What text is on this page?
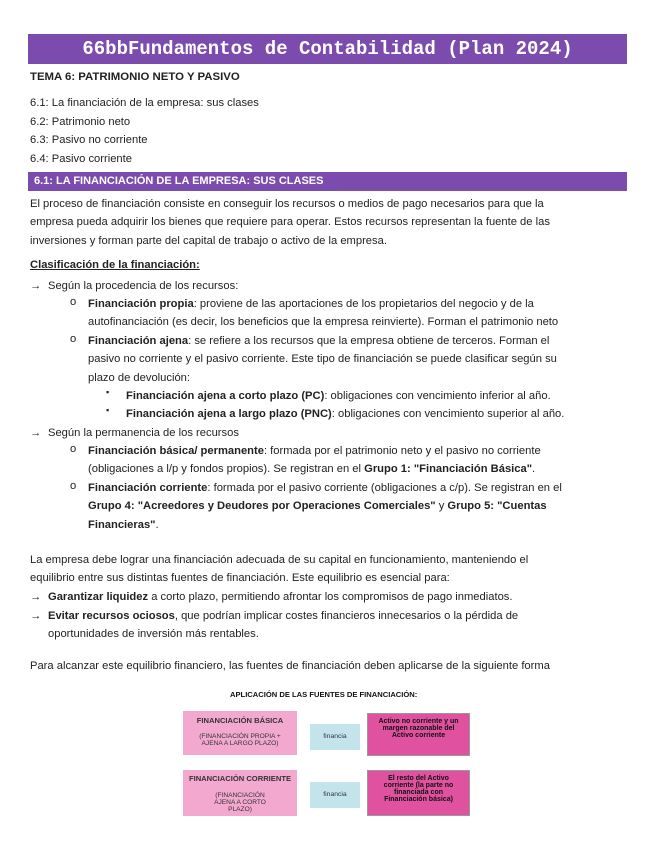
66bbFundamentos de Contabilidad (Plan 2024)
TEMA 6: PATRIMONIO NETO Y PASIVO
6.1: La financiación de la empresa: sus clases
6.2: Patrimonio neto
6.3: Pasivo no corriente
6.4: Pasivo corriente
6.1: LA FINANCIACIÓN DE LA EMPRESA: SUS CLASES
El proceso de financiación consiste en conseguir los recursos o medios de pago necesarios para que la
empresa pueda adquirir los bienes que requiere para operar. Estos recursos representan la fuente de las
inversiones y forman parte del capital de trabajo o activo de la empresa.
Clasificación de la financiación:
→ Según la procedencia de los recursos:
o	Financiación propia: proviene de las aportaciones de los propietarios del negocio y de la
autofinanciación (es decir, los beneficios que la empresa reinvierte). Forman el patrimonio neto
o	Financiación ajena: se refiere a los recursos que la empresa obtiene de terceros. Forman el
pasivo no corriente y el pasivo corriente. Este tipo de financiación se puede clasificar según su
plazo de devolución:
▪	Financiación ajena a corto plazo (PC): obligaciones con vencimiento inferior al año.
▪	Financiación ajena a largo plazo (PNC): obligaciones con vencimiento superior al año.
→ Según la permanencia de los recursos
o	Financiación básica/ permanente: formada por el patrimonio neto y el pasivo no corriente
(obligaciones a l/p y fondos propios). Se registran en el Grupo 1: "Financiación Básica".
o	Financiación corriente: formada por el pasivo corriente (obligaciones a c/p). Se registran en el
Grupo 4: "Acreedores y Deudores por Operaciones Comerciales" y Grupo 5: "Cuentas
Financieras".
La empresa debe lograr una financiación adecuada de su capital en funcionamiento, manteniendo el
equilibrio entre sus distintas fuentes de financiación. Este equilibrio es esencial para:
→ Garantizar liquidez a corto plazo, permitiendo afrontar los compromisos de pago inmediatos.
→ Evitar recursos ociosos, que podrían implicar costes financieros innecesarios o la pérdida de
oportunidades de inversión más rentables.
Para alcanzar este equilibrio financiero, las fuentes de financiación deben aplicarse de la siguiente forma
APLICACIÓN DE LAS FUENTES DE FINANCIACIÓN:
FINANCIACIÓN BÁSICA
(FINANCIACIÓN PROPIA + AJENA A LARGO PLAZO)
financia
Activo no corriente y un margen razonable del Activo corriente
FINANCIACIÓN CORRIENTE
(FINANCIACIÓN AJENA A CORTO PLAZO)
financia
El resto del Activo corriente (la parte no financiada con Financiación básica)
